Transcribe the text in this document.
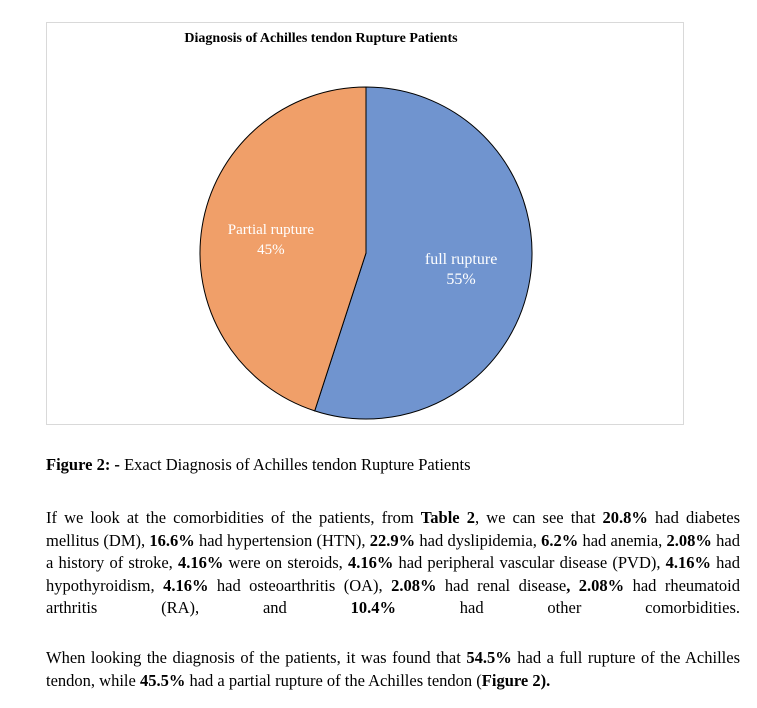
Diagnosis of Achilles tendon Rupture Patients
full rupture
55%
Partial rupture
45%
Figure 2: - Exact Diagnosis of Achilles tendon Rupture Patients

If we look at the comorbidities of the patients, from Table 2, we can see that 20.8% had diabetes mellitus (DM), 16.6% had hypertension (HTN), 22.9% had dyslipidemia, 6.2% had anemia, 2.08% had a history of stroke, 4.16% were on steroids, 4.16% had peripheral vascular disease (PVD), 4.16% had hypothyroidism, 4.16% had osteoarthritis (OA), 2.08% had renal disease, 2.08% had rheumatoid arthritis (RA), and 10.4% had other comorbidities.

When looking the diagnosis of the patients, it was found that 54.5% had a full rupture of the Achilles tendon, while 45.5% had a partial rupture of the Achilles tendon (Figure 2).
